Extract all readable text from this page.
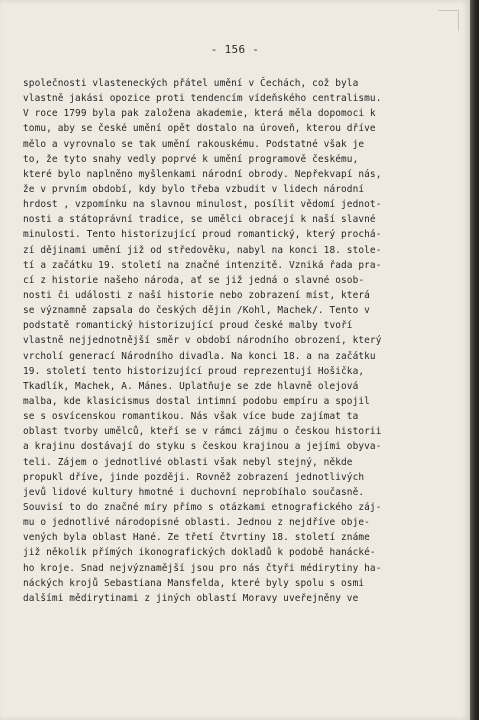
- 156 -
společnosti vlasteneckých přátel umění v Čechách, což byla
vlastně jakási opozice proti tendencím vídeňského centralismu.
V roce 1799 byla pak založena akademie, která měla dopomoci k
tomu, aby se české umění opět dostalo na úroveň, kterou dříve
mělo a vyrovnalo se tak umění rakouskému. Podstatné však je
to, že tyto snahy vedly poprvé k umění programově českému,
které bylo naplněno myšlenkami národní obrody. Nepřekvapí nás,
že v prvním období, kdy bylo třeba vzbudit v lidech národní
hrdost , vzpomínku na slavnou minulost, posílit vědomí jednot-
nosti a státoprávní tradice, se umělci obracejí k naší slavné
minulosti. Tento historizující proud romantický, který prochá-
zí dějinami umění již od středověku, nabyl na konci 18. stole-
tí a začátku 19. století na značné intenzitě. Vzniká řada pra-
cí z historie našeho národa, ať se již jedná o slavné osob-
nosti či události z naší historie nebo zobrazení míst, která
se významně zapsala do českých dějin /Kohl, Machek/. Tento v
podstatě romantický historizující proud české malby tvoří
vlastně nejjednotnější směr v období národního obrození, který
vrcholí generací Národního divadla. Na konci 18. a na začátku
19. století tento historizující proud reprezentují Hošička,
Tkadlík, Machek, A. Mánes. Uplatňuje se zde hlavně olejová
malba, kde klasicismus dostal intimní podobu empíru a spojil
se s osvícenskou romantikou. Nás však více bude zajímat ta
oblast tvorby umělců, kteří se v rámci zájmu o českou historii
a krajinu dostávají do styku s českou krajinou a jejími obyva-
teli. Zájem o jednotlivé oblasti však nebyl stejný, někde
propukl dříve, jinde později. Rovněž zobrazení jednotlivých
jevů lidové kultury hmotné i duchovní neprobíhalo současně.
Souvisí to do značné míry přímo s otázkami etnografického záj-
mu o jednotlivé národopisné oblasti. Jednou z nejdříve obje-
vených byla oblast Hané. Ze třetí čtvrtiny 18. století známe
již několik přímých ikonografických dokladů k podobě hanácké-
ho kroje. Snad nejvýznamější jsou pro nás čtyři médirytiny ha-
náckých krojů Sebastiana Mansfelda, které byly spolu s osmi
dalšími mědirytinami z jiných oblastí Moravy uveřejněny ve
